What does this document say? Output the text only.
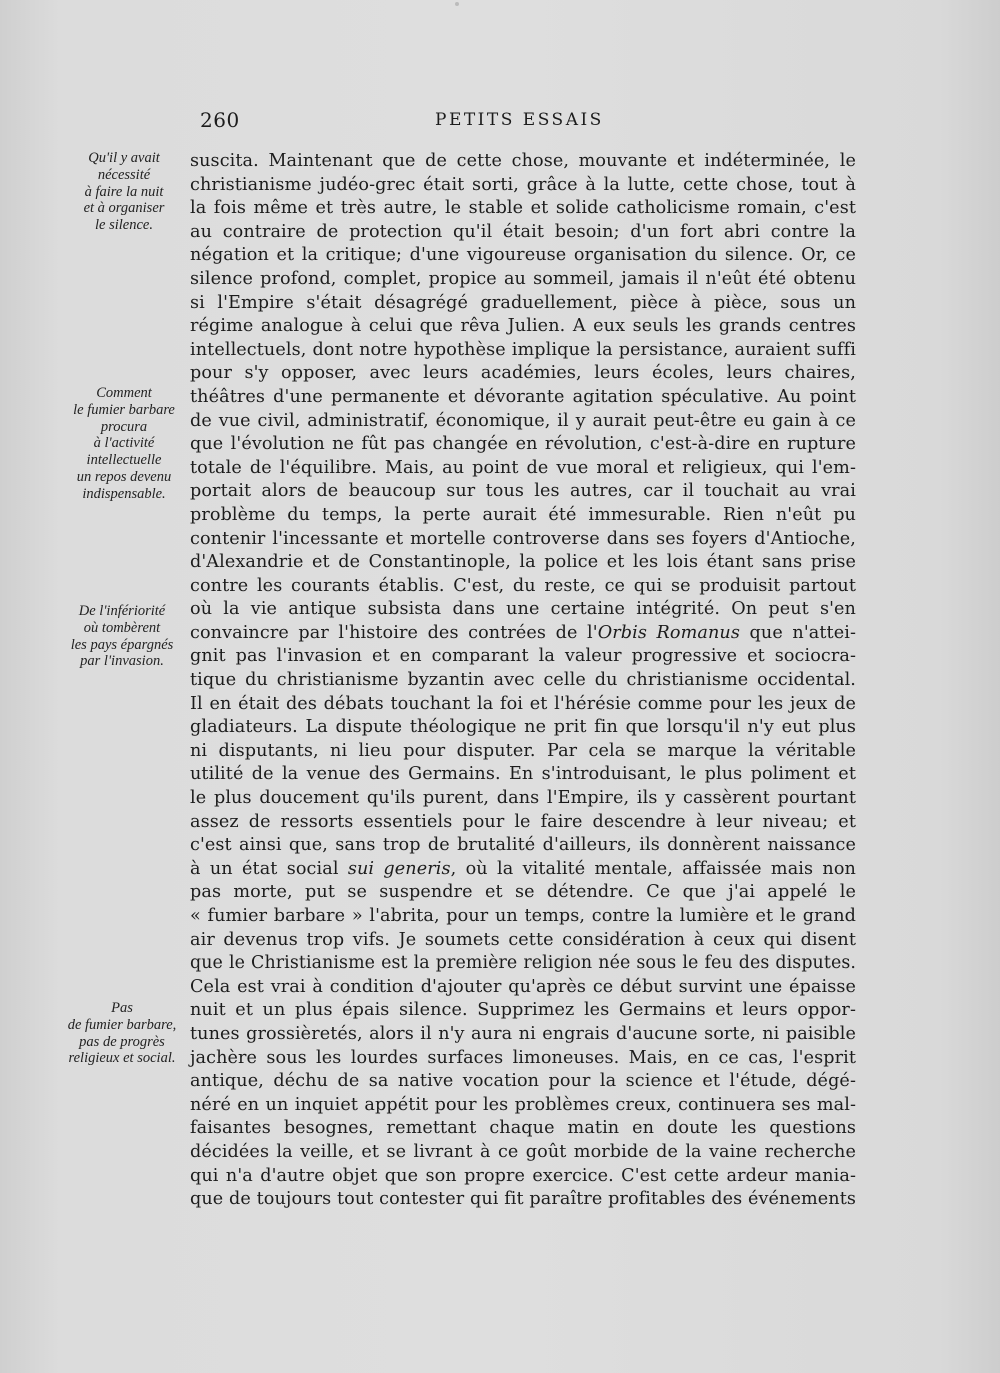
260	PETITS ESSAIS
Qu'il y avait
nécessité
à faire la nuit
et à organiser
le silence.
Comment
le fumier barbare
procura
à l'activité
intellectuelle
un repos devenu
indispensable.
De l'infériorité
où tombèrent
les pays épargnés
par l'invasion.
Pas
de fumier barbare,
pas de progrès
religieux et social.
suscita. Maintenant que de cette chose, mouvante et indéterminée, le
christianisme judéo-grec était sorti, grâce à la lutte, cette chose, tout à
la fois même et très autre, le stable et solide catholicisme romain, c'est
au contraire de protection qu'il était besoin; d'un fort abri contre la
négation et la critique; d'une vigoureuse organisation du silence. Or, ce
silence profond, complet, propice au sommeil, jamais il n'eût été obtenu
si l'Empire s'était désagrégé graduellement, pièce à pièce, sous un
régime analogue à celui que rêva Julien. A eux seuls les grands centres
intellectuels, dont notre hypothèse implique la persistance, auraient suffi
pour s'y opposer, avec leurs académies, leurs écoles, leurs chaires,
théâtres d'une permanente et dévorante agitation spéculative. Au point
de vue civil, administratif, économique, il y aurait peut-être eu gain à ce
que l'évolution ne fût pas changée en révolution, c'est-à-dire en rupture
totale de l'équilibre. Mais, au point de vue moral et religieux, qui l'em-
portait alors de beaucoup sur tous les autres, car il touchait au vrai
problème du temps, la perte aurait été immesurable. Rien n'eût pu
contenir l'incessante et mortelle controverse dans ses foyers d'Antioche,
d'Alexandrie et de Constantinople, la police et les lois étant sans prise
contre les courants établis. C'est, du reste, ce qui se produisit partout
où la vie antique subsista dans une certaine intégrité. On peut s'en
convaincre par l'histoire des contrées de l'Orbis Romanus que n'attei-
gnit pas l'invasion et en comparant la valeur progressive et sociocra-
tique du christianisme byzantin avec celle du christianisme occidental.
Il en était des débats touchant la foi et l'hérésie comme pour les jeux de
gladiateurs. La dispute théologique ne prit fin que lorsqu'il n'y eut plus
ni disputants, ni lieu pour disputer. Par cela se marque la véritable
utilité de la venue des Germains. En s'introduisant, le plus poliment et
le plus doucement qu'ils purent, dans l'Empire, ils y cassèrent pourtant
assez de ressorts essentiels pour le faire descendre à leur niveau; et
c'est ainsi que, sans trop de brutalité d'ailleurs, ils donnèrent naissance
à un état social sui generis, où la vitalité mentale, affaissée mais non
pas morte, put se suspendre et se détendre. Ce que j'ai appelé le
« fumier barbare » l'abrita, pour un temps, contre la lumière et le grand
air devenus trop vifs. Je soumets cette considération à ceux qui disent
que le Christianisme est la première religion née sous le feu des disputes.
Cela est vrai à condition d'ajouter qu'après ce début survint une épaisse
nuit et un plus épais silence. Supprimez les Germains et leurs oppor-
tunes grossièretés, alors il n'y aura ni engrais d'aucune sorte, ni paisible
jachère sous les lourdes surfaces limoneuses. Mais, en ce cas, l'esprit
antique, déchu de sa native vocation pour la science et l'étude, dégé-
néré en un inquiet appétit pour les problèmes creux, continuera ses mal-
faisantes besognes, remettant chaque matin en doute les questions
décidées la veille, et se livrant à ce goût morbide de la vaine recherche
qui n'a d'autre objet que son propre exercice. C'est cette ardeur mania-
que de toujours tout contester qui fit paraître profitables des événements
